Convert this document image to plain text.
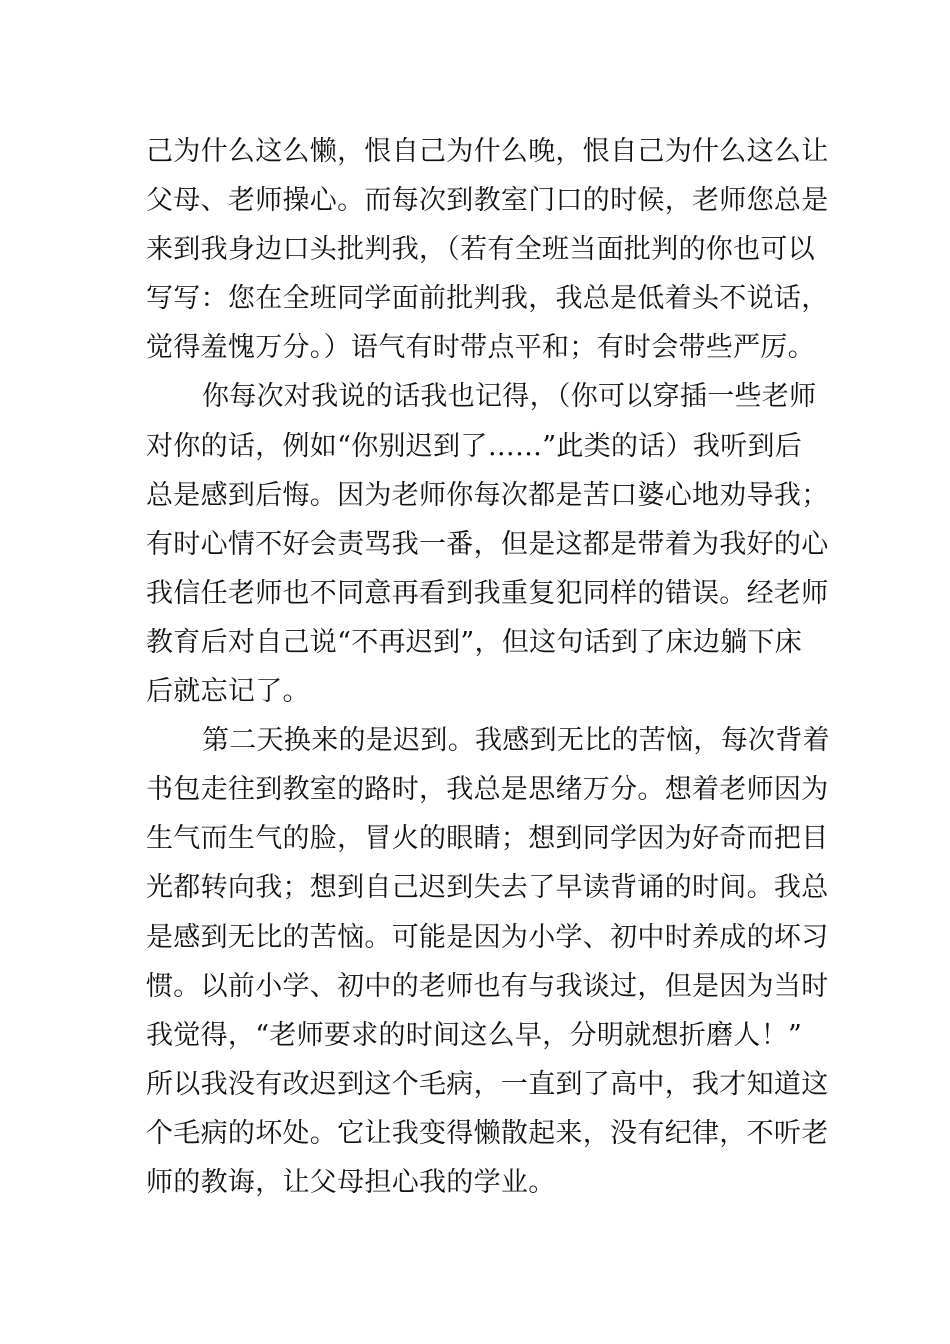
己为什么这么懒，恨自己为什么晚，恨自己为什么这么让
父母、老师操心。而每次到教室门口的时候，老师您总是
来到我身边口头批判我，（若有全班当面批判的你也可以
写写：您在全班同学面前批判我，我总是低着头不说话，
觉得羞愧万分。）语气有时带点平和；有时会带些严厉。
你每次对我说的话我也记得，（你可以穿插一些老师
对你的话，例如“你别迟到了……”此类的话）我听到后
总是感到后悔。因为老师你每次都是苦口婆心地劝导我；
有时心情不好会责骂我一番，但是这都是带着为我好的心
我信任老师也不同意再看到我重复犯同样的错误。经老师
教育后对自己说“不再迟到”，但这句话到了床边躺下床
后就忘记了。
第二天换来的是迟到。我感到无比的苦恼，每次背着
书包走往到教室的路时，我总是思绪万分。想着老师因为
生气而生气的脸，冒火的眼睛；想到同学因为好奇而把目
光都转向我；想到自己迟到失去了早读背诵的时间。我总
是感到无比的苦恼。可能是因为小学、初中时养成的坏习
惯。以前小学、初中的老师也有与我谈过，但是因为当时
我觉得，“老师要求的时间这么早，分明就想折磨人！”
所以我没有改迟到这个毛病，一直到了高中，我才知道这
个毛病的坏处。它让我变得懒散起来，没有纪律，不听老
师的教诲，让父母担心我的学业。
